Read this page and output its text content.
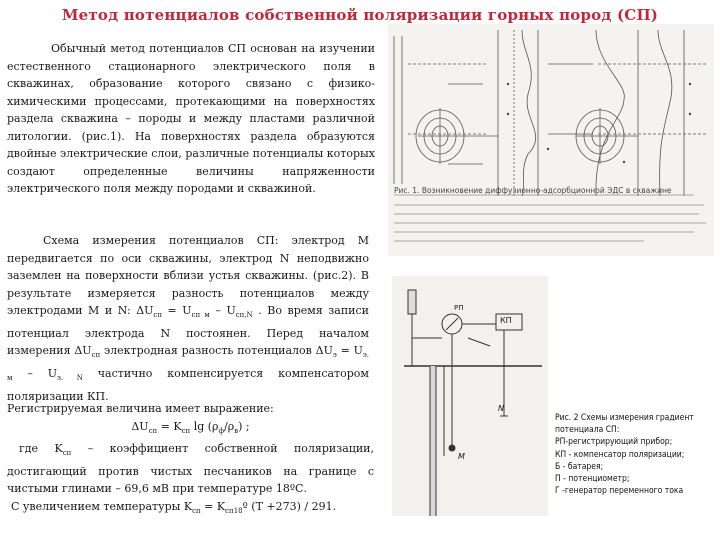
Метод потенциалов собственной поляризации горных пород (СП)
Обычный метод потенциалов СП основан на изучении естественного стационарного электрического поля в скважинах, образование которого связано с физико-химическими процессами, протекающими на поверхностях раздела скважина – породы и между пластами различной литологии. (рис.1). На поверхностях раздела образуются двойные электрические слои, различные потенциалы которых создают определенные величины напряженности электрического поля между породами и скважиной.
Схема измерения потенциалов СП: электрод М передвигается по оси скважины, электрод N неподвижно заземлен на поверхности вблизи устья скважины. (рис.2). В результате измеряется разность потенциалов между электродами M и N: $\Delta U_{сп} = U_{сп м} - U_{сп,N}$ . Во время записи потенциал электрода N постоянен. Перед началом измерения $\Delta U_{сп}$ электродная разность потенциалов $\Delta U_э = U_{э. м} - U_{э. N}$ частично компенсируется компенсатором поляризации КП.
Регистрируемая величина имеет выражение:
$\Delta U_{сп} = K_{сп}$ $\lg (\rho_ф/\rho_в)$ ;
где $K_{сп}$ – коэффициент собственной поляризации, достигающий против чистых песчаников на границе с чистыми глинами – 69,6 мВ при температуре 18ºС.
С увеличением температуры $K_{сп}$ = $K_{сп18}º$ (T +273) / 291.
Рис. 1. Возникновение диффузионно-адсорбционной ЭДС в скважине
КП
РП
М
N
Рис. 2 Схемы измерения градиент
потенциала СП:
РП-регистрирующий прибор;
КП - компенсатор поляризации;
Б - батарея;
П - потенциометр;
Г -генератор переменного тока
